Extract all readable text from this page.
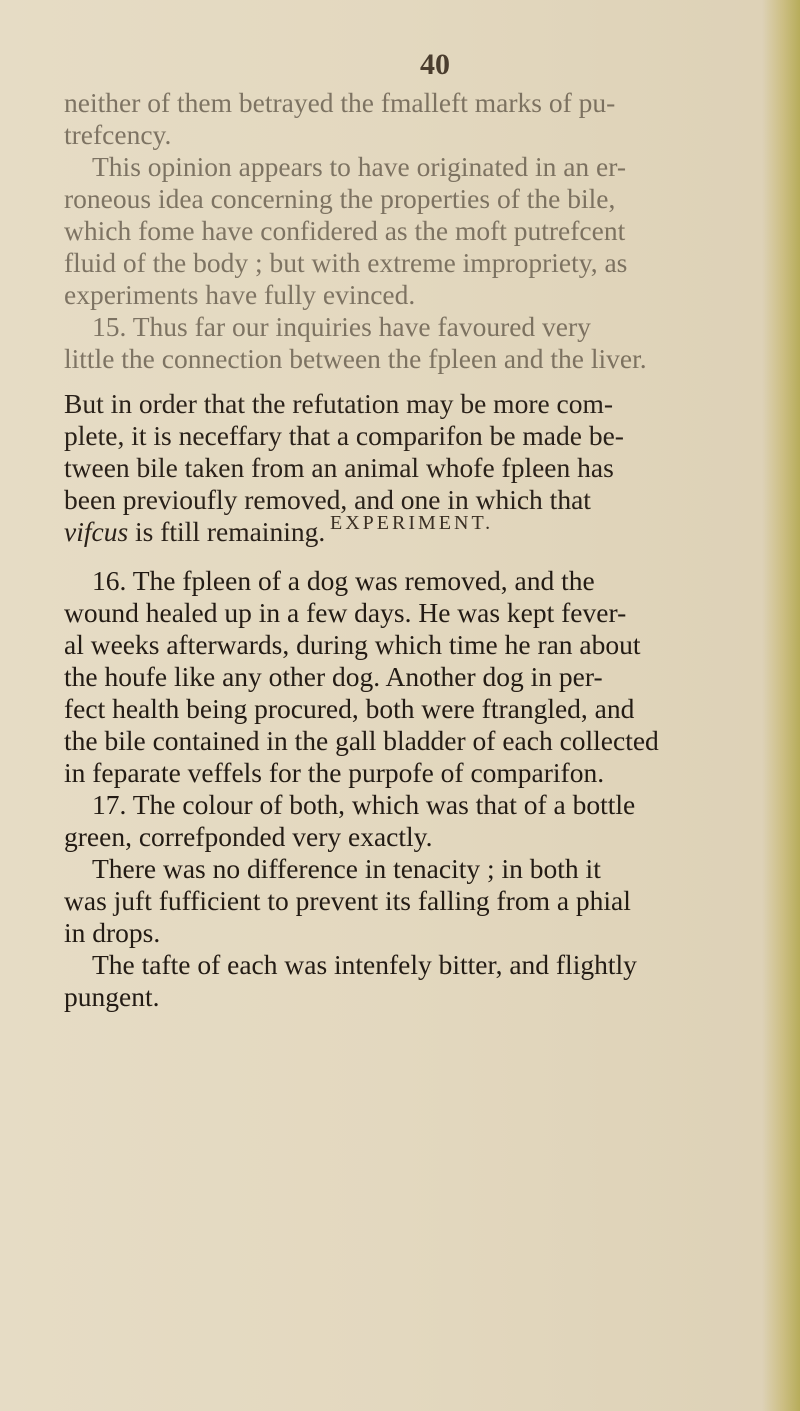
40
neither of them betrayed the fmalleft marks of pu-
trefcency.
This opinion appears to have originated in an er-
roneous idea concerning the properties of the bile,
which fome have confidered as the moft putrefcent
fluid of the body ; but with extreme impropriety, as
experiments have fully evinced.
15. Thus far our inquiries have favoured very
little the connection between the fpleen and the liver.
But in order that the refutation may be more com-
plete, it is neceffary that a comparifon be made be-
tween bile taken from an animal whofe fpleen has
been previoufly removed, and one in which that
vifcus is ftill remaining. EXPERIMENT.
16. The fpleen of a dog was removed, and the
wound healed up in a few days. He was kept fever-
al weeks afterwards, during which time he ran about
the houfe like any other dog. Another dog in per-
fect health being procured, both were ftrangled, and
the bile contained in the gall bladder of each collected
in feparate veffels for the purpofe of comparifon.
17. The colour of both, which was that of a bottle
green, correfponded very exactly.
There was no difference in tenacity ; in both it
was juft fufficient to prevent its falling from a phial
in drops.
The tafte of each was intenfely bitter, and flightly
pungent.
